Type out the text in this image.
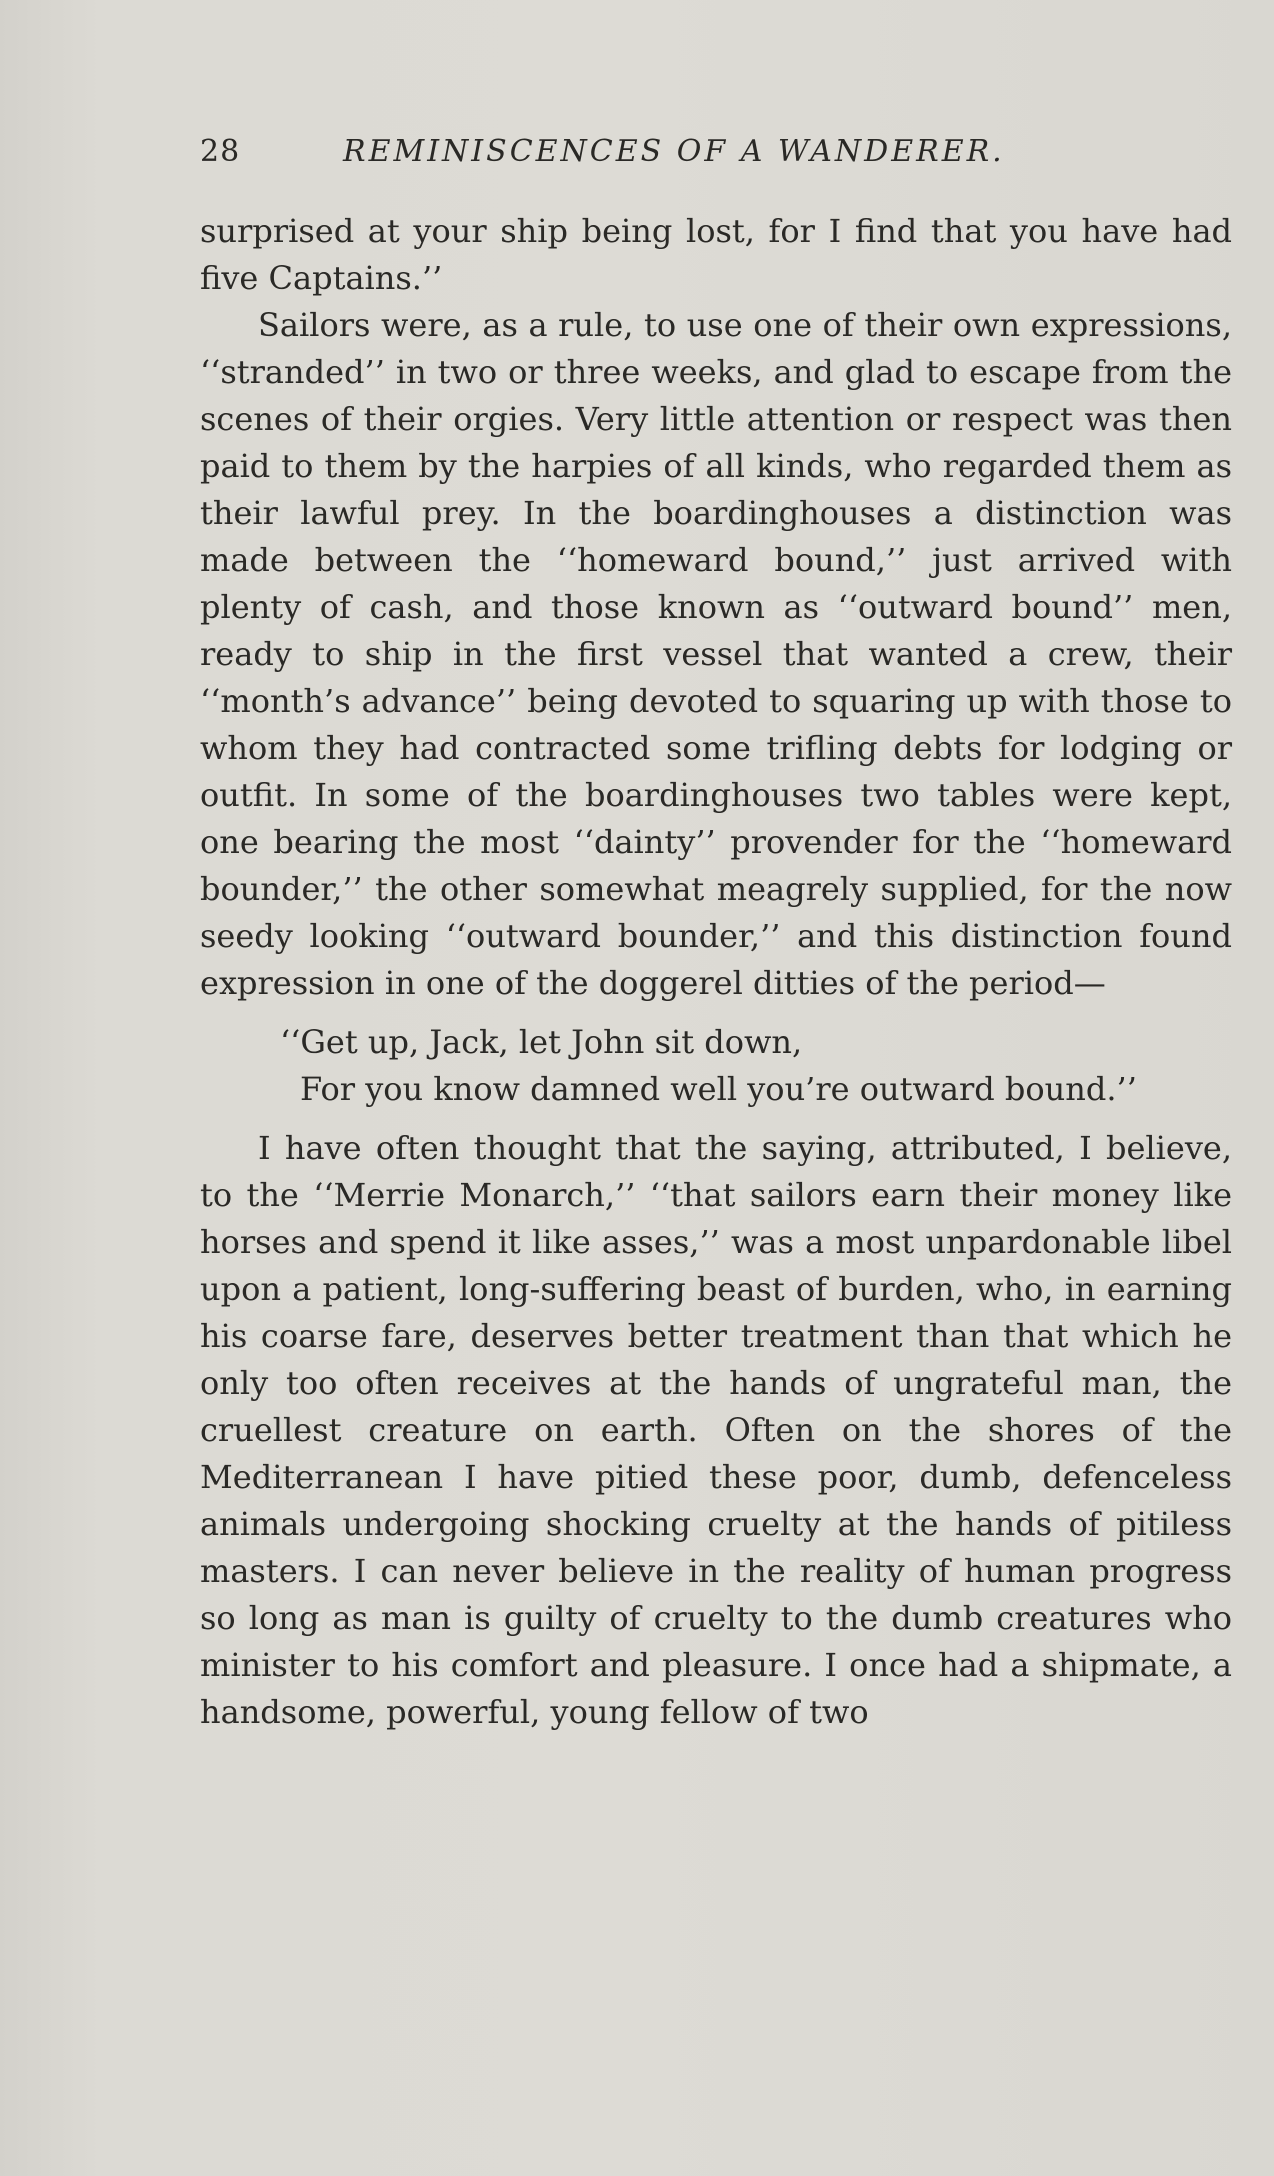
28	REMINISCENCES OF A WANDERER.

surprised at your ship being lost, for I find that you have had five Captains.’’

Sailors were, as a rule, to use one of their own expressions, ‘‘stranded’’ in two or three weeks, and glad to escape from the scenes of their orgies. Very little attention or respect was then paid to them by the harpies of all kinds, who regarded them as their lawful prey. In the boardinghouses a distinction was made between the ‘‘homeward bound,’’ just arrived with plenty of cash, and those known as ‘‘outward bound’’ men, ready to ship in the first vessel that wanted a crew, their ‘‘month’s advance’’ being devoted to squaring up with those to whom they had contracted some trifling debts for lodging or outfit. In some of the boardinghouses two tables were kept, one bearing the most ‘‘dainty’’ provender for the ‘‘homeward bounder,’’ the other somewhat meagrely supplied, for the now seedy looking ‘‘outward bounder,’’ and this distinction found expression in one of the doggerel ditties of the period—

‘‘Get up, Jack, let John sit down,
For you know damned well you’re outward bound.’’

I have often thought that the saying, attributed, I believe, to the ‘‘Merrie Monarch,’’ ‘‘that sailors earn their money like horses and spend it like asses,’’ was a most unpardonable libel upon a patient, long-suffering beast of burden, who, in earning his coarse fare, deserves better treatment than that which he only too often receives at the hands of ungrateful man, the cruellest creature on earth. Often on the shores of the Mediterranean I have pitied these poor, dumb, defenceless animals undergoing shocking cruelty at the hands of pitiless masters. I can never believe in the reality of human progress so long as man is guilty of cruelty to the dumb creatures who minister to his comfort and pleasure. I once had a shipmate, a handsome, powerful, young fellow of two
